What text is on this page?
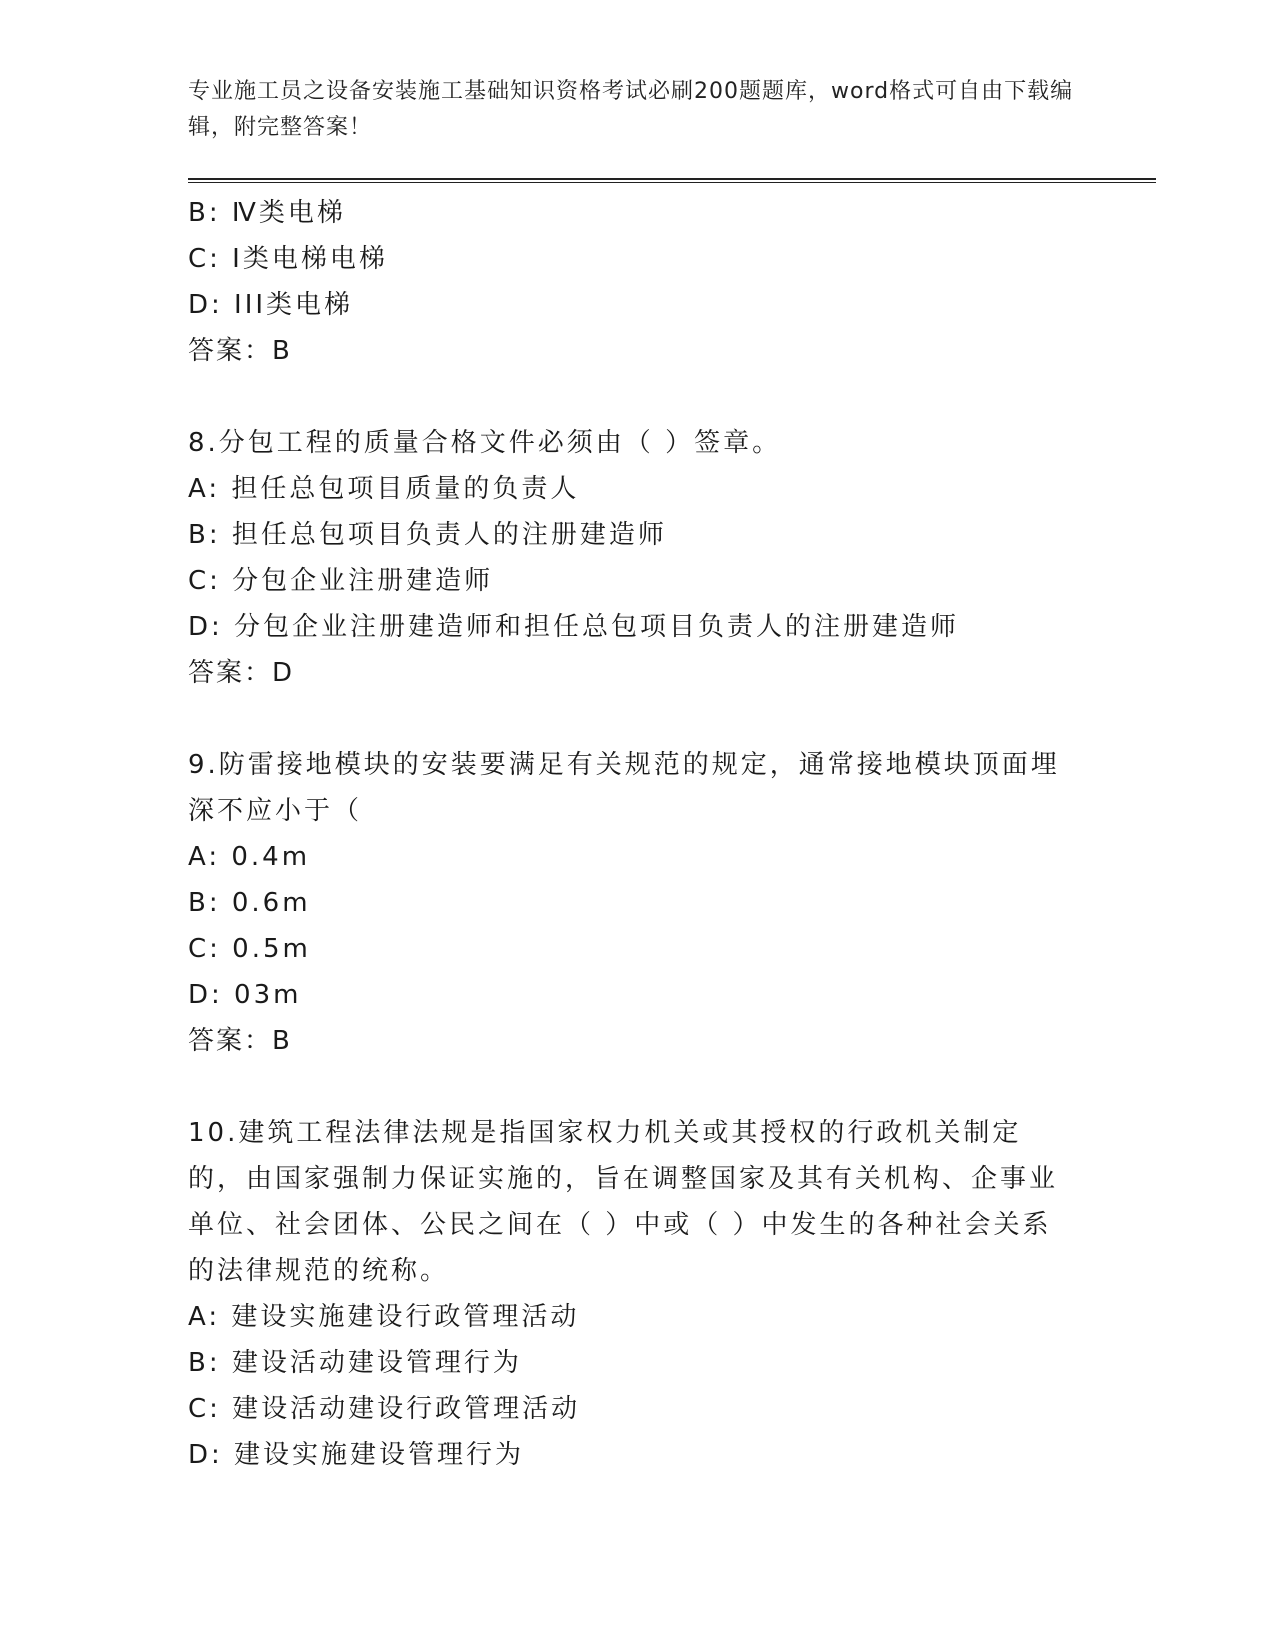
专业施工员之设备安装施工基础知识资格考试必刷200题题库，word格式可自由下载编辑，附完整答案！
B: Ⅳ类电梯
C: Ⅰ类电梯电梯
D: III类电梯
答案：B
8.分包工程的质量合格文件必须由（ ）签章。
A: 担任总包项目质量的负责人
B: 担任总包项目负责人的注册建造师
C: 分包企业注册建造师
D: 分包企业注册建造师和担任总包项目负责人的注册建造师
答案：D
9.防雷接地模块的安装要满足有关规范的规定，通常接地模块顶面埋深不应小于（
A: 0.4m
B: 0.6m
C: 0.5m
D: 03m
答案：B
10.建筑工程法律法规是指国家权力机关或其授权的行政机关制定的，由国家强制力保证实施的，旨在调整国家及其有关机构、企事业单位、社会团体、公民之间在（ ）中或（ ）中发生的各种社会关系的法律规范的统称。
A: 建设实施建设行政管理活动
B: 建设活动建设管理行为
C: 建设活动建设行政管理活动
D: 建设实施建设管理行为
